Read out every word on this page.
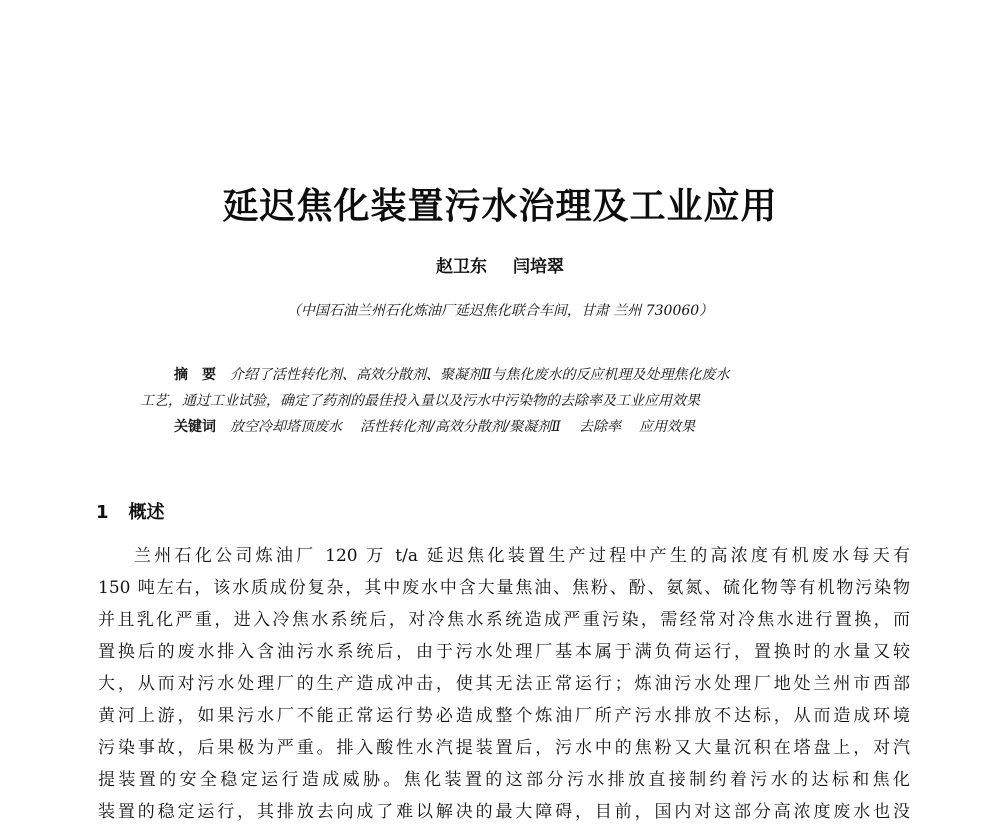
延迟焦化装置污水治理及工业应用
赵卫东 闫培翠
（中国石油兰州石化炼油厂延迟焦化联合车间，甘肃 兰州 730060）
摘　要 介绍了活性转化剂、高效分散剂、聚凝剂Ⅱ与焦化废水的反应机理及处理焦化废水
工艺，通过工业试验，确定了药剂的最佳投入量以及污水中污染物的去除率及工业应用效果
关键词 放空冷却塔顶废水 活性转化剂/高效分散剂/聚凝剂Ⅱ 去除率 应用效果
1 概述
兰州石化公司炼油厂 120 万 t/a 延迟焦化装置生产过程中产生的高浓度有机废水每天有
150 吨左右，该水质成份复杂，其中废水中含大量焦油、焦粉、酚、氨氮、硫化物等有机物污染物
并且乳化严重，进入冷焦水系统后，对冷焦水系统造成严重污染，需经常对冷焦水进行置换，而
置换后的废水排入含油污水系统后，由于污水处理厂基本属于满负荷运行，置换时的水量又较
大，从而对污水处理厂的生产造成冲击，使其无法正常运行；炼油污水处理厂地处兰州市西部
黄河上游，如果污水厂不能正常运行势必造成整个炼油厂所产污水排放不达标，从而造成环境
污染事故，后果极为严重。排入酸性水汽提装置后，污水中的焦粉又大量沉积在塔盘上，对汽
提装置的安全稳定运行造成威胁。焦化装置的这部分污水排放直接制约着污水的达标和焦化
装置的稳定运行，其排放去向成了难以解决的最大障碍，目前，国内对这部分高浓度废水也没
